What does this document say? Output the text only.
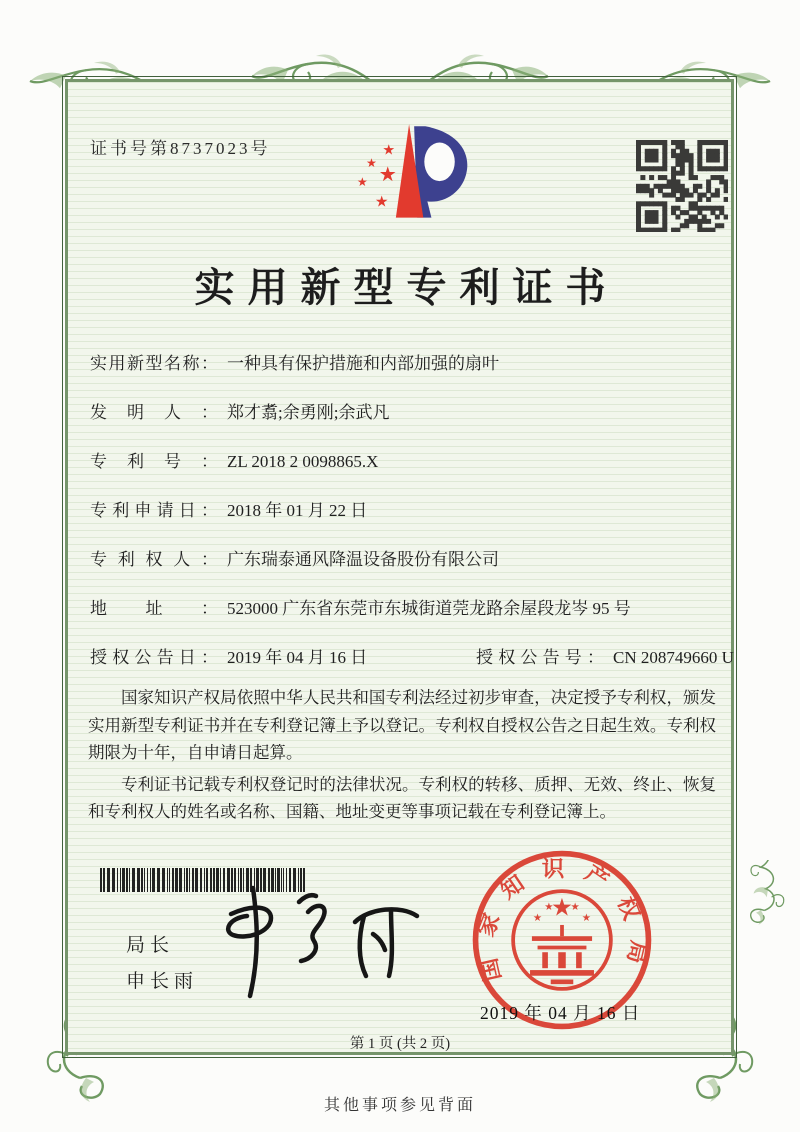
证书号第8737023号	★
★ ★
★
★
实用新型专利证书
实用新型名称： 一种具有保护措施和内部加强的扇叶
发明人： 郑才翥;余勇刚;余武凡
专利号： ZL 2018 2 0098865.X
专利申请日： 2018 年 01 月 22 日
专利权人： 广东瑞泰通风降温设备股份有限公司
地址： 523000 广东省东莞市东城街道莞龙路余屋段龙岑 95 号
授权公告日： 2019 年 04 月 16 日	授权公告号： CN 208749660 U

国家知识产权局依照中华人民共和国专利法经过初步审查，决定授予专利权，颁发实用新型专利证书并在专利登记簿上予以登记。专利权自授权公告之日起生效。专利权期限为十年，自申请日起算。

专利证书记载专利权登记时的法律状况。专利权的转移、质押、无效、终止、恢复和专利权人的姓名或名称、国籍、地址变更等事项记载在专利登记簿上。

局长
申长雨	国家知识产权局
★
★
★ ★
★
2019 年 04 月 16 日
第 1 页 (共 2 页)
其他事项参见背面
